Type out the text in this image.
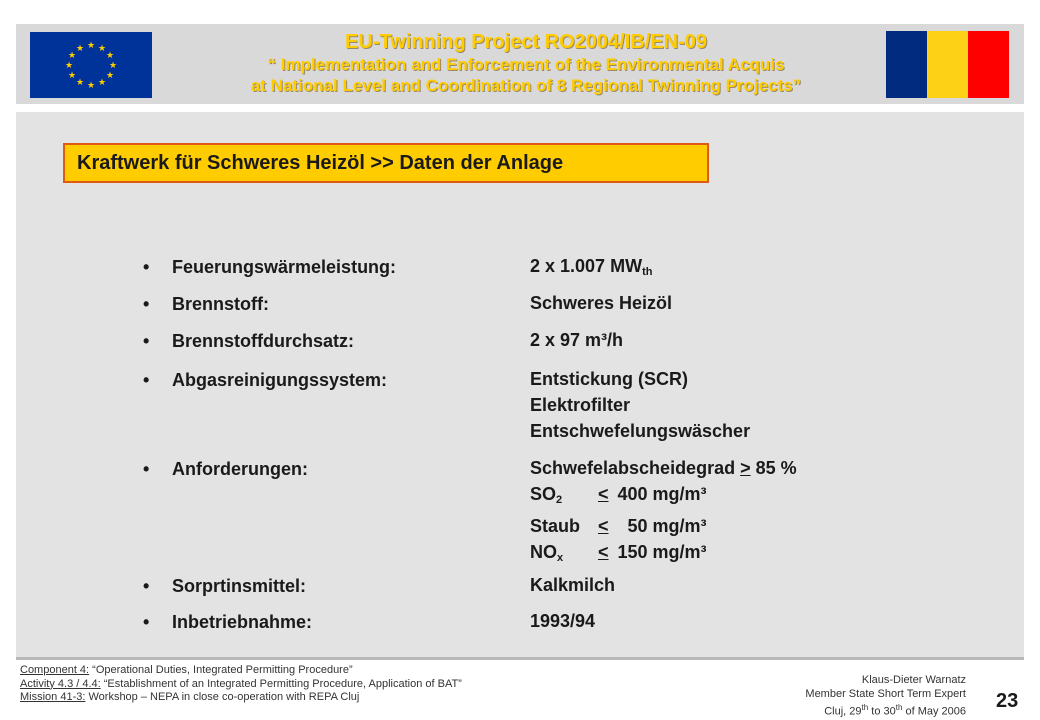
★ ★
★
★
★
★
★
★
★
★
★
★	EU-Twinning Project RO2004/IB/EN-09
“ Implementation and Enforcement of the Environmental Acquis
at National Level and Coordination of 8 Regional Twinning Projects”
Kraftwerk für Schweres Heizöl >> Daten der Anlage
• Feuerungswärmeleistung:	2 x 1.007 $MW_{th}$
• Brennstoff:	Schweres Heizöl
• Brennstoffdurchsatz:	2 x 97 m³/h
• Abgasreinigungssystem:	Entstickung (SCR)
Elektrofilter
Entschwefelungswäscher
• Anforderungen:	Schwefelabscheidegrad > 85 %
$SO_2 < 400$ mg/m³
Staub < 50 mg/m³
$NO_x < 150$ mg/m³
• Sorprtinsmittel:	Kalkmilch
• Inbetriebnahme:	1993/94
Component 4: “Operational Duties, Integrated Permitting Procedure”
Activity 4.3 / 4.4: “Establishment of an Integrated Permitting Procedure, Application of BAT”
Mission 41-3: Workshop – NEPA in close co-operation with REPA Cluj
Klaus-Dieter Warnatz
Member State Short Term Expert
Cluj, 29th to 30th of May 2006 23
